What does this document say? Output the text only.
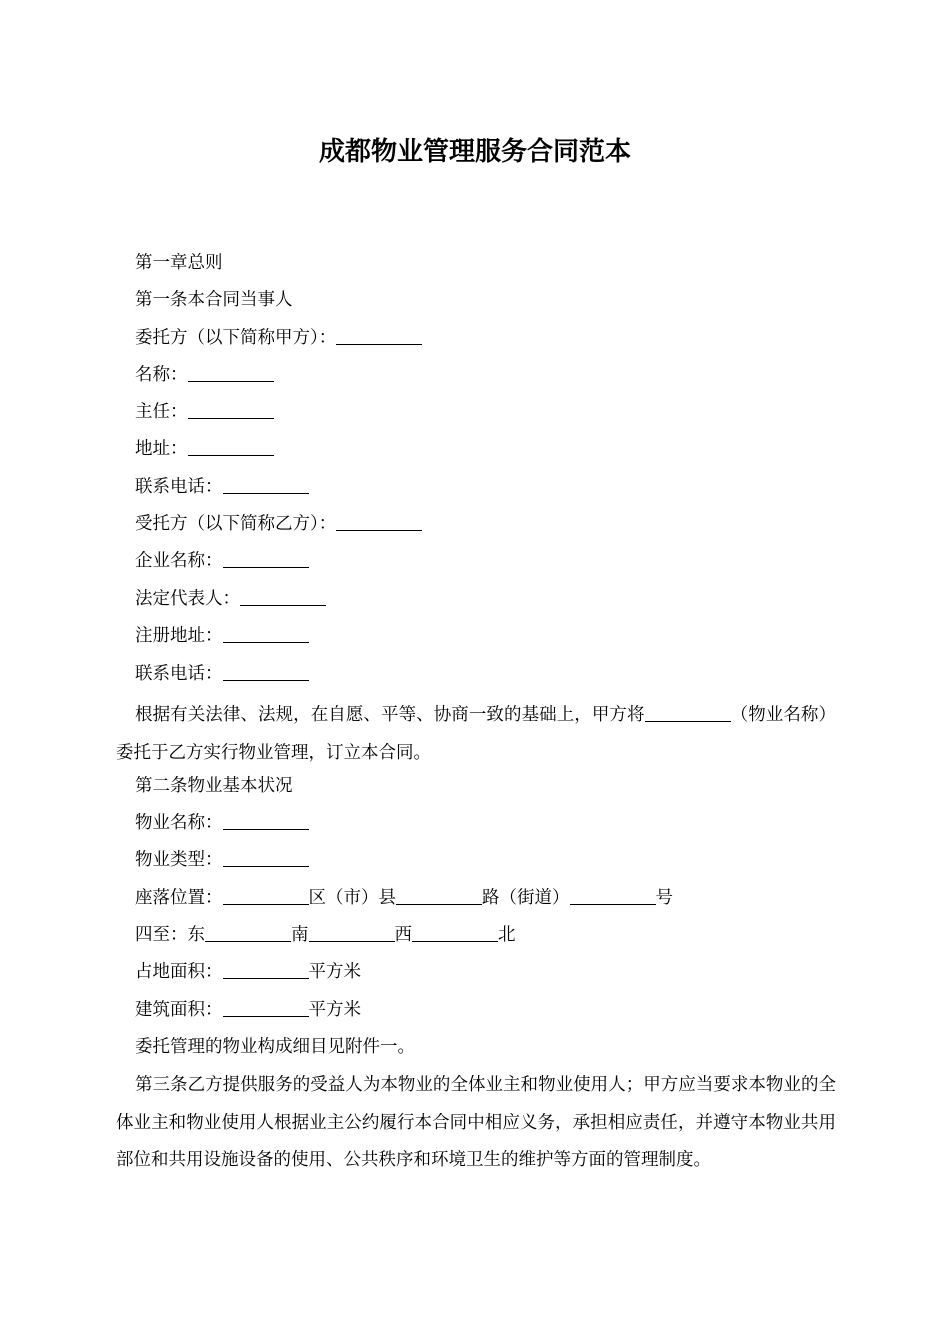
成都物业管理服务合同范本
第一章总则
第一条本合同当事人
委托方（以下简称甲方）：
名称：
主任：
地址：
联系电话：
受托方（以下简称乙方）：
企业名称：
法定代表人：
注册地址：
联系电话：
根据有关法律、法规，在自愿、平等、协商一致的基础上，甲方将	（物业名称）委托于乙方实行物业管理，订立本合同。
第二条物业基本状况
物业名称：
物业类型：
座落位置：	区（市）县	路（街道）	号
四至：东	南	西	北
占地面积：	平方米
建筑面积：	平方米
委托管理的物业构成细目见附件一。
第三条乙方提供服务的受益人为本物业的全体业主和物业使用人；甲方应当要求本物业的全体业主和物业使用人根据业主公约履行本合同中相应义务，承担相应责任，并遵守本物业共用部位和共用设施设备的使用、公共秩序和环境卫生的维护等方面的管理制度。
